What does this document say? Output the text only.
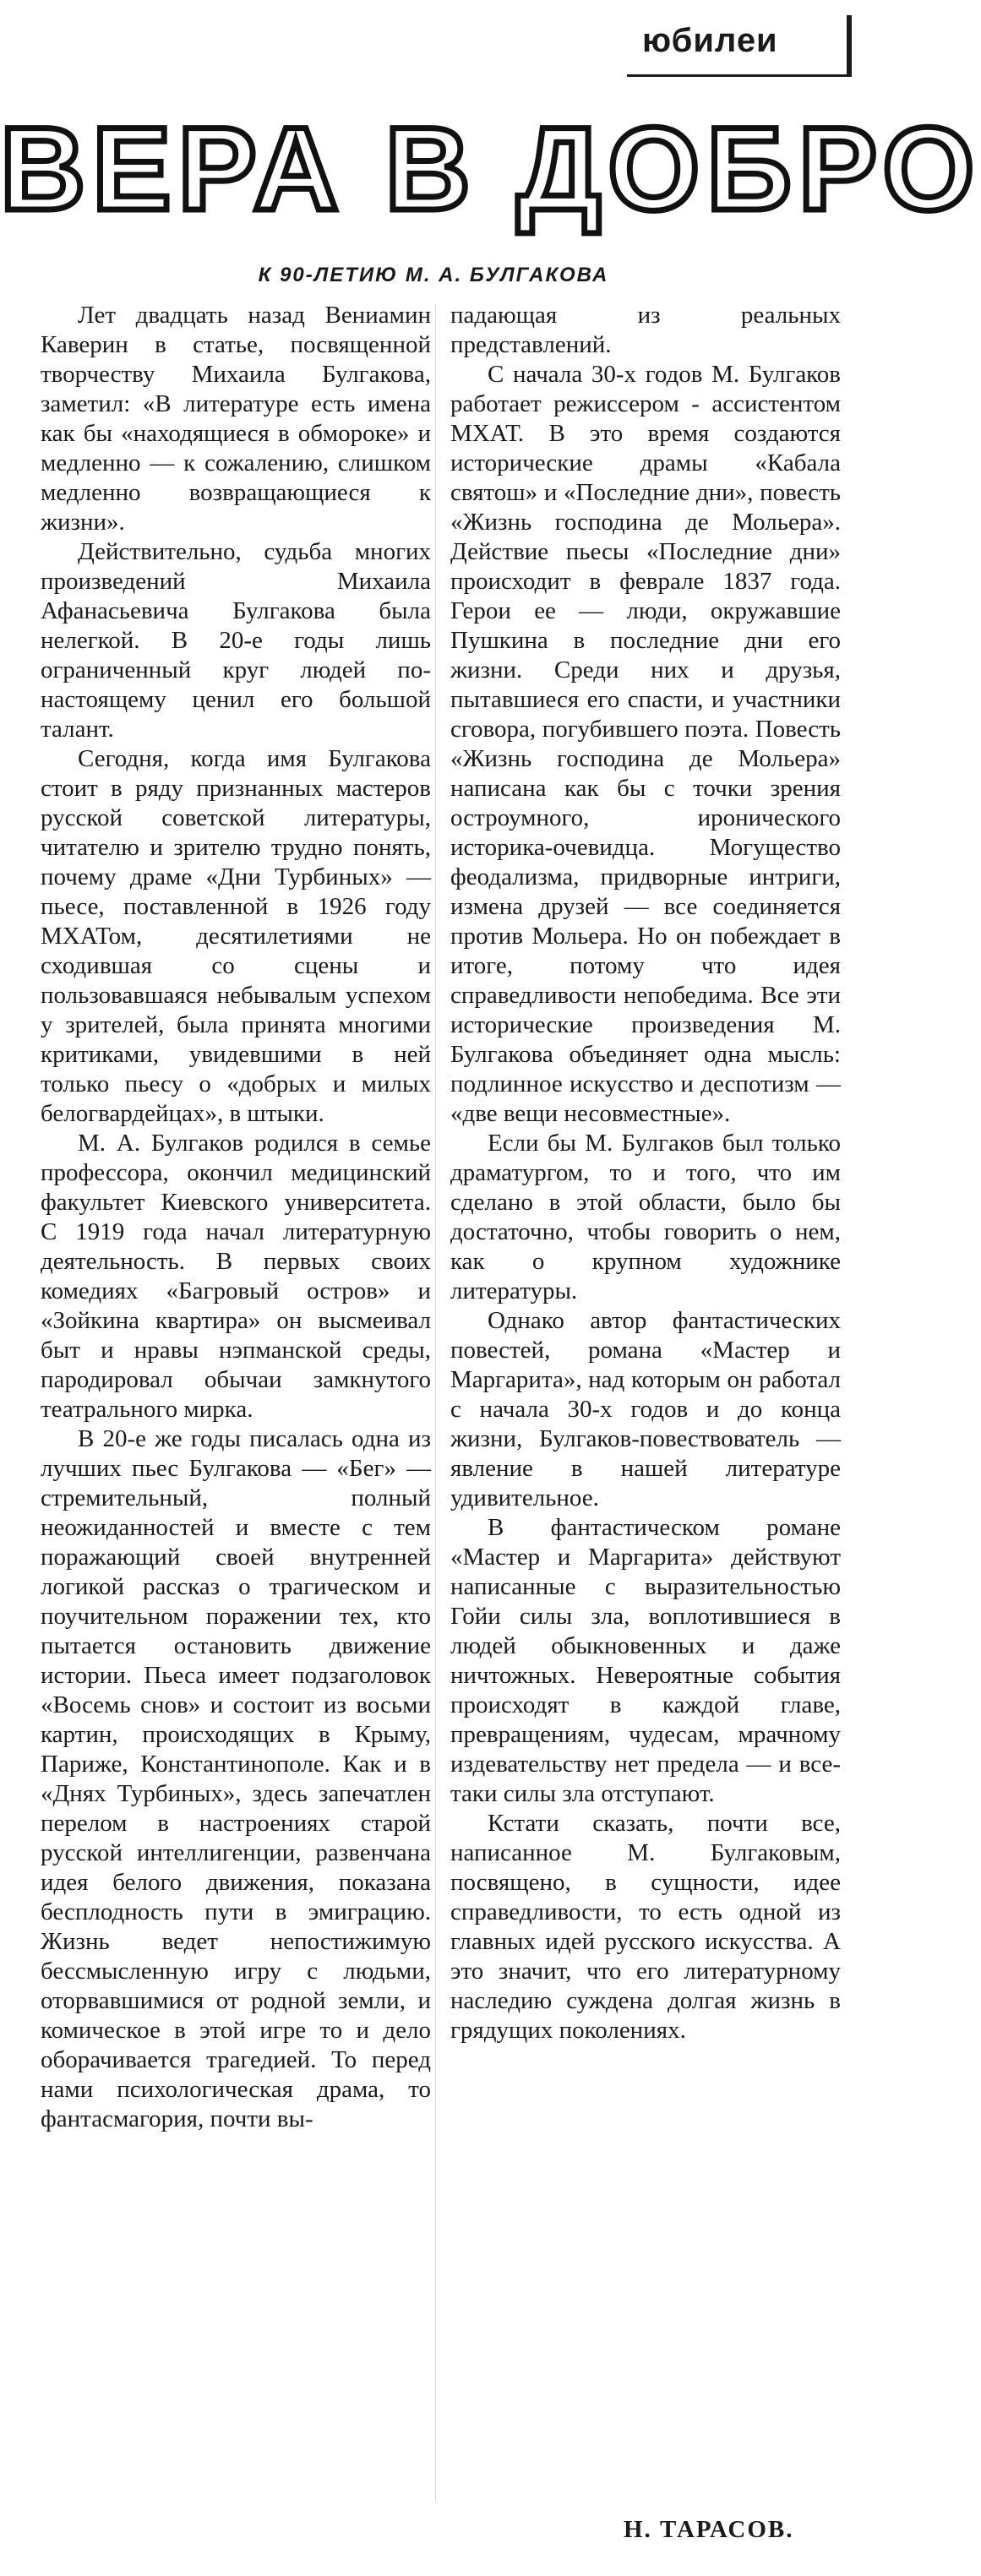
юбилеи
ВЕРА В ДОБРО
К 90-ЛЕТИЮ М. А. БУЛГАКОВА

Лет двадцать назад Вениамин Каверин в статье, посвященной творчеству Михаила Булгакова, заметил: «В литературе есть имена как бы «находящиеся в обмороке» и медленно — к сожалению, слишком медленно возвращающиеся к жизни».

Действительно, судьба многих произведений Михаила Афанасьевича Булгакова была нелегкой. В 20-е годы лишь ограниченный круг людей по-настоящему ценил его большой талант.

Сегодня, когда имя Булгакова стоит в ряду признанных мастеров русской советской литературы, читателю и зрителю трудно понять, почему драме «Дни Турбиных» — пьесе, поставленной в 1926 году МХАТом, десятилетиями не сходившая со сцены и пользовавшаяся небывалым успехом у зрителей, была принята многими критиками, увидевшими в ней только пьесу о «добрых и милых белогвардейцах», в штыки.

М. А. Булгаков родился в семье профессора, окончил медицинский факультет Киевского университета. С 1919 года начал литературную деятельность. В первых своих комедиях «Багровый остров» и «Зойкина квартира» он высмеивал быт и нравы нэпманской среды, пародировал обычаи замкнутого театрального мирка.

В 20-е же годы писалась одна из лучших пьес Булгакова — «Бег» — стремительный, полный неожиданностей и вместе с тем поражающий своей внутренней логикой рассказ о трагическом и поучительном поражении тех, кто пытается остановить движение истории. Пьеса имеет подзаголовок «Восемь снов» и состоит из восьми картин, происходящих в Крыму, Париже, Константинополе. Как и в «Днях Турбиных», здесь запечатлен перелом в настроениях старой русской интеллигенции, развенчана идея белого движения, показана бесплодность пути в эмиграцию. Жизнь ведет непостижимую бессмысленную игру с людьми, оторвавшимися от родной земли, и комическое в этой игре то и дело оборачивается трагедией. То перед нами психологическая драма, то фантасмагория, почти вы-

падающая из реальных представлений.

С начала 30-х годов М. Булгаков работает режиссером - ассистентом МХАТ. В это время создаются исторические драмы «Кабала святош» и «Последние дни», повесть «Жизнь господина де Мольера». Действие пьесы «Последние дни» происходит в феврале 1837 года. Герои ее — люди, окружавшие Пушкина в последние дни его жизни. Среди них и друзья, пытавшиеся его спасти, и участники сговора, погубившего поэта. Повесть «Жизнь господина де Мольера» написана как бы с точки зрения остроумного, иронического историка-очевидца. Могущество феодализма, придворные интриги, измена друзей — все соединяется против Мольера. Но он побеждает в итоге, потому что идея справедливости непобедима. Все эти исторические произведения М. Булгакова объединяет одна мысль: подлинное искусство и деспотизм — «две вещи несовместные».

Если бы М. Булгаков был только драматургом, то и того, что им сделано в этой области, было бы достаточно, чтобы говорить о нем, как о крупном художнике литературы.

Однако автор фантастических повестей, романа «Мастер и Маргарита», над которым он работал с начала 30-х годов и до конца жизни, Булгаков-повествователь — явление в нашей литературе удивительное.

В фантастическом романе «Мастер и Маргарита» действуют написанные с выразительностью Гойи силы зла, воплотившиеся в людей обыкновенных и даже ничтожных. Невероятные события происходят в каждой главе, превращениям, чудесам, мрачному издевательству нет предела — и все-таки силы зла отступают.

Кстати сказать, почти все, написанное М. Булгаковым, посвящено, в сущности, идее справедливости, то есть одной из главных идей русского искусства. А это значит, что его литературному наследию суждена долгая жизнь в грядущих поколениях.

Н. ТАРАСОВ.
